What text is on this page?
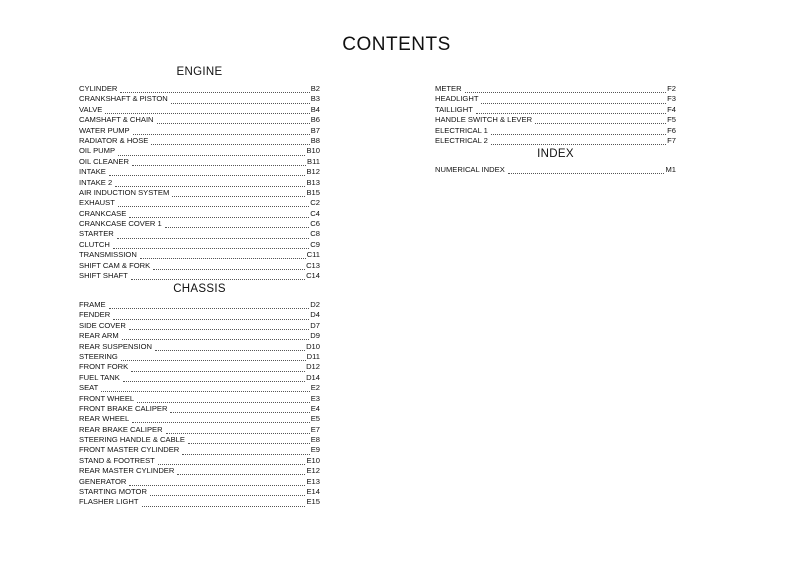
CONTENTS
ENGINE
CYLINDER	B2
CRANKSHAFT & PISTON	B3
VALVE	B4
CAMSHAFT & CHAIN	B6
WATER PUMP	B7
RADIATOR & HOSE	B8
OIL PUMP	B10
OIL CLEANER	B11
INTAKE	B12
INTAKE 2	B13
AIR INDUCTION SYSTEM	B15
EXHAUST	C2
CRANKCASE	C4
CRANKCASE COVER 1	C6
STARTER	C8
CLUTCH	C9
TRANSMISSION	C11
SHIFT CAM & FORK	C13
SHIFT SHAFT	C14
CHASSIS
FRAME	D2
FENDER	D4
SIDE COVER	D7
REAR ARM	D9
REAR SUSPENSION	D10
STEERING	D11
FRONT FORK	D12
FUEL TANK	D14
SEAT	E2
FRONT WHEEL	E3
FRONT BRAKE CALIPER	E4
REAR WHEEL	E5
REAR BRAKE CALIPER	E7
STEERING HANDLE & CABLE	E8
FRONT MASTER CYLINDER	E9
STAND & FOOTREST	E10
REAR MASTER CYLINDER	E12
GENERATOR	E13
STARTING MOTOR	E14
FLASHER LIGHT	E15
METER	F2
HEADLIGHT	F3
TAILLIGHT	F4
HANDLE SWITCH & LEVER	F5
ELECTRICAL 1	F6
ELECTRICAL 2	F7
INDEX
NUMERICAL INDEX	M1
